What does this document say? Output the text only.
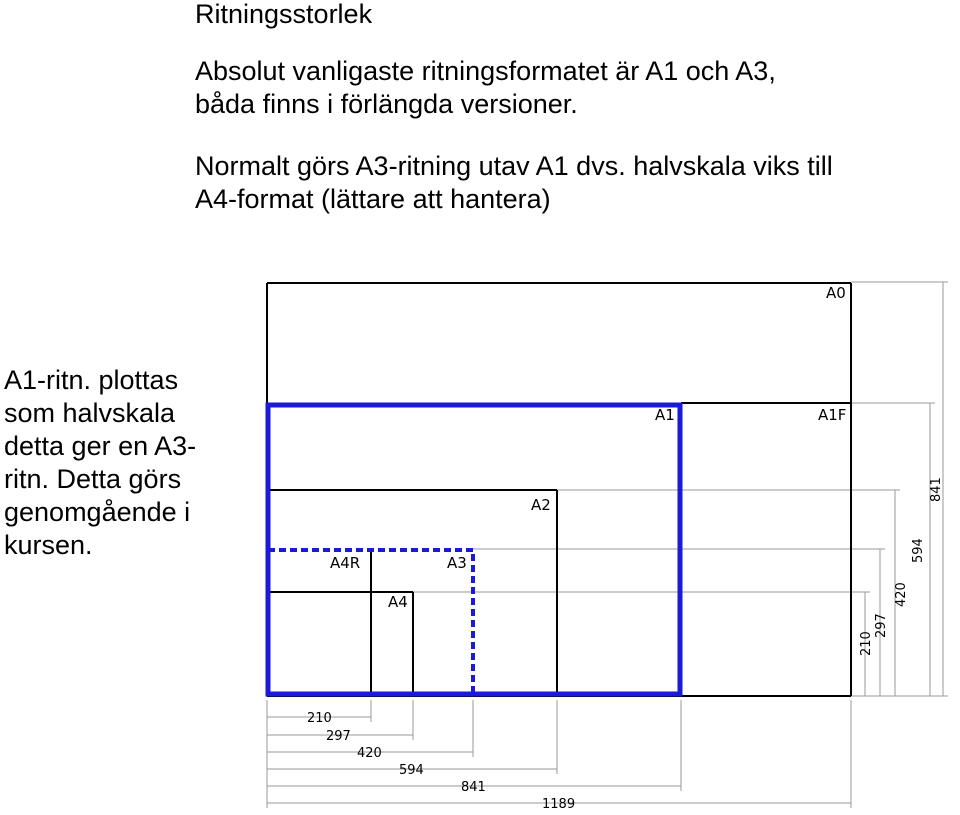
Ritningsstorlek
Absolut vanligaste ritningsformatet är A1 och A3,
båda finns i förlängda versioner.
Normalt görs A3-ritning utav A1 dvs. halvskala viks till
A4-format (lättare att hantera)
A1-ritn. plottas
som halvskala
detta ger en A3-
ritn. Detta görs
genomgående i
kursen.
A0
A1	A1F
A2
A3
A4R
A4
210
297
420
594
841
1189
210
297
420
594
841
